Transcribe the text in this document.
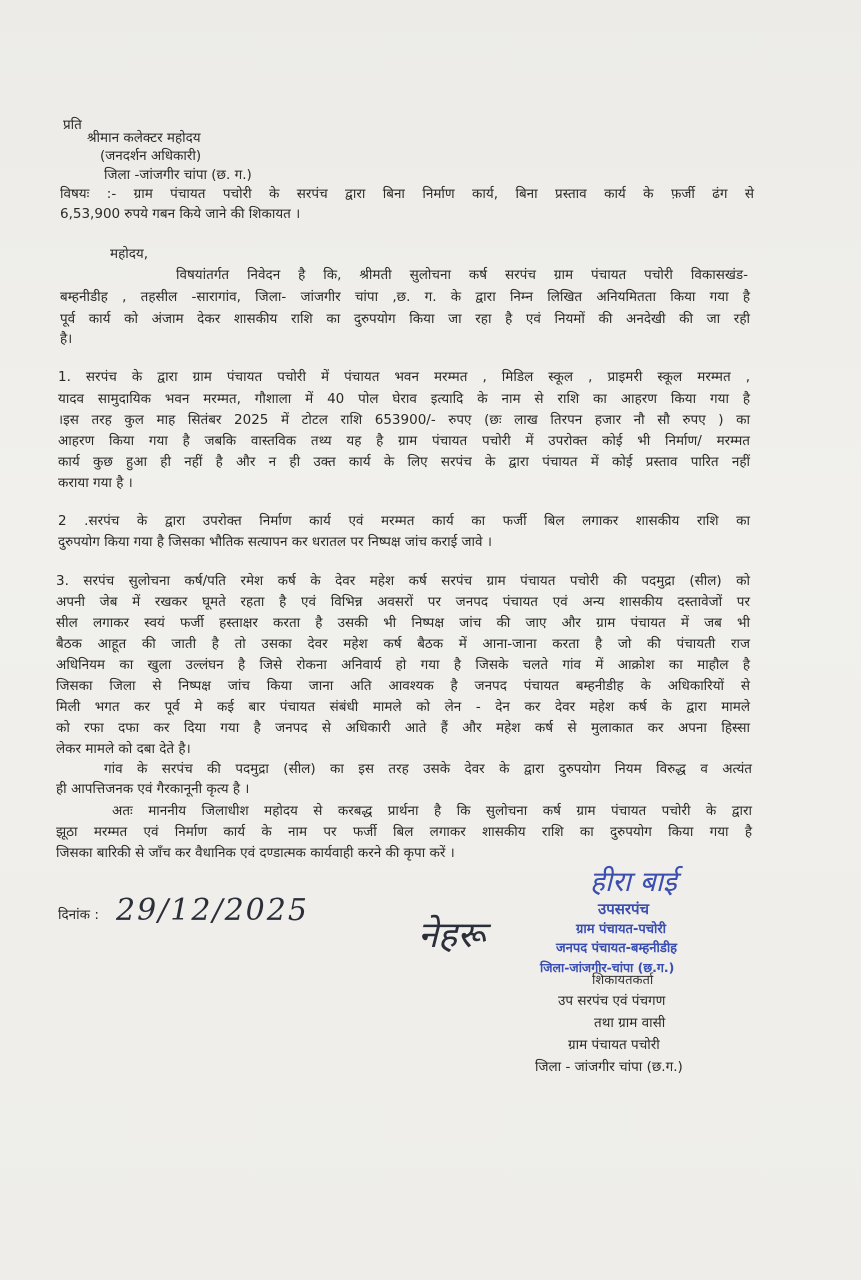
प्रति
श्रीमान कलेक्टर महोदय
(जनदर्शन अधिकारी)
जिला -जांजगीर चांपा (छ. ग.)
विषयः :- ग्राम पंचायत पचोरी के सरपंच द्वारा बिना निर्माण कार्य, बिना प्रस्ताव कार्य के फ़र्जी ढंग से
6,53,900 रुपये गबन किये जाने की शिकायत ।
महोदय,
विषयांतर्गत निवेदन है कि, श्रीमती सुलोचना कर्ष सरपंच ग्राम पंचायत पचोरी विकासखंड-
बम्हनीडीह , तहसील -सारागांव, जिला- जांजगीर चांपा ,छ. ग. के द्वारा निम्न लिखित अनियमितता किया गया है
पूर्व कार्य को अंजाम देकर शासकीय राशि का दुरुपयोग किया जा रहा है एवं नियमों की अनदेखी की जा रही
है।
1. सरपंच के द्वारा ग्राम पंचायत पचोरी में पंचायत भवन मरम्मत , मिडिल स्कूल , प्राइमरी स्कूल मरम्मत ,
यादव सामुदायिक भवन मरम्मत, गौशाला में 40 पोल घेराव इत्यादि के नाम से राशि का आहरण किया गया है
।इस तरह कुल माह सितंबर 2025 में टोटल राशि 653900/- रुपए (छः लाख तिरपन हजार नौ सौ रुपए ) का
आहरण किया गया है जबकि वास्तविक तथ्य यह है ग्राम पंचायत पचोरी में उपरोक्त कोई भी निर्माण/ मरम्मत
कार्य कुछ हुआ ही नहीं है और न ही उक्त कार्य के लिए सरपंच के द्वारा पंचायत में कोई प्रस्ताव पारित नहीं
कराया गया है ।
2 .सरपंच के द्वारा उपरोक्त निर्माण कार्य एवं मरम्मत कार्य का फर्जी बिल लगाकर शासकीय राशि का
दुरुपयोग किया गया है जिसका भौतिक सत्यापन कर धरातल पर निष्पक्ष जांच कराई जावे ।
3. सरपंच सुलोचना कर्ष/पति रमेश कर्ष के देवर महेश कर्ष सरपंच ग्राम पंचायत पचोरी की पदमुद्रा (सील) को
अपनी जेब में रखकर घूमते रहता है एवं विभिन्न अवसरों पर जनपद पंचायत एवं अन्य शासकीय दस्तावेजों पर
सील लगाकर स्वयं फर्जी हस्ताक्षर करता है उसकी भी निष्पक्ष जांच की जाए और ग्राम पंचायत में जब भी
बैठक आहूत की जाती है तो उसका देवर महेश कर्ष बैठक में आना-जाना करता है जो की पंचायती राज
अधिनियम का खुला उल्लंघन है जिसे रोकना अनिवार्य हो गया है जिसके चलते गांव में आक्रोश का माहौल है
जिसका जिला से निष्पक्ष जांच किया जाना अति आवश्यक है जनपद पंचायत बम्हनीडीह के अधिकारियों से
मिली भगत कर पूर्व मे कई बार पंचायत संबंधी मामले को लेन - देन कर देवर महेश कर्ष के द्वारा मामले
को रफा दफा कर दिया गया है जनपद से अधिकारी आते हैं और महेश कर्ष से मुलाकात कर अपना हिस्सा
लेकर मामले को दबा देते है।
गांव के सरपंच की पदमुद्रा (सील) का इस तरह उसके देवर के द्वारा दुरुपयोग नियम विरुद्ध व अत्यंत
ही आपत्तिजनक एवं गैरकानूनी कृत्य है ।
अतः माननीय जिलाधीश महोदय से करबद्ध प्रार्थना है कि सुलोचना कर्ष ग्राम पंचायत पचोरी के द्वारा
झूठा मरम्मत एवं निर्माण कार्य के नाम पर फर्जी बिल लगाकर शासकीय राशि का दुरुपयोग किया गया है
जिसका बारिकी से जाँच कर वैधानिक एवं दण्डात्मक कार्यवाही करने की कृपा करें ।
दिनांक : 29/12/2025
नेहरू
हीरा बाई
उपसरपंच
ग्राम पंचायत-पचोरी
जनपद पंचायत-बम्हनीडीह
जिला-जांजगीर-चांपा (छ.ग.)
शिकायतकर्ता
उप सरपंच एवं पंचगण
तथा ग्राम वासी
ग्राम पंचायत पचोरी
जिला - जांजगीर चांपा (छ.ग.)
